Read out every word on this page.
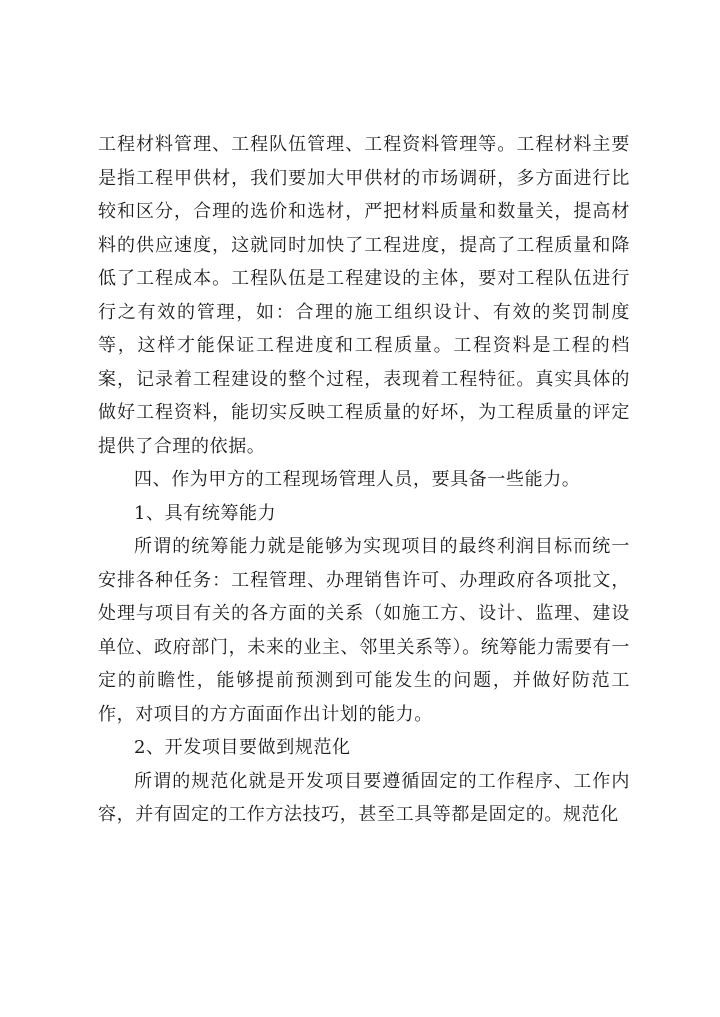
工程材料管理、工程队伍管理、工程资料管理等。工程材料主要是指工程甲供材，我们要加大甲供材的市场调研，多方面进行比较和区分，合理的选价和选材，严把材料质量和数量关，提高材料的供应速度，这就同时加快了工程进度，提高了工程质量和降低了工程成本。工程队伍是工程建设的主体，要对工程队伍进行行之有效的管理，如：合理的施工组织设计、有效的奖罚制度等，这样才能保证工程进度和工程质量。工程资料是工程的档案，记录着工程建设的整个过程，表现着工程特征。真实具体的做好工程资料，能切实反映工程质量的好坏，为工程质量的评定提供了合理的依据。

四、作为甲方的工程现场管理人员，要具备一些能力。

1、具有统筹能力

所谓的统筹能力就是能够为实现项目的最终利润目标而统一安排各种任务：工程管理、办理销售许可、办理政府各项批文，处理与项目有关的各方面的关系（如施工方、设计、监理、建设单位、政府部门，未来的业主、邻里关系等）。统筹能力需要有一定的前瞻性，能够提前预测到可能发生的问题，并做好防范工作，对项目的方方面面作出计划的能力。

2、开发项目要做到规范化

所谓的规范化就是开发项目要遵循固定的工作程序、工作内容，并有固定的工作方法技巧，甚至工具等都是固定的。规范化
